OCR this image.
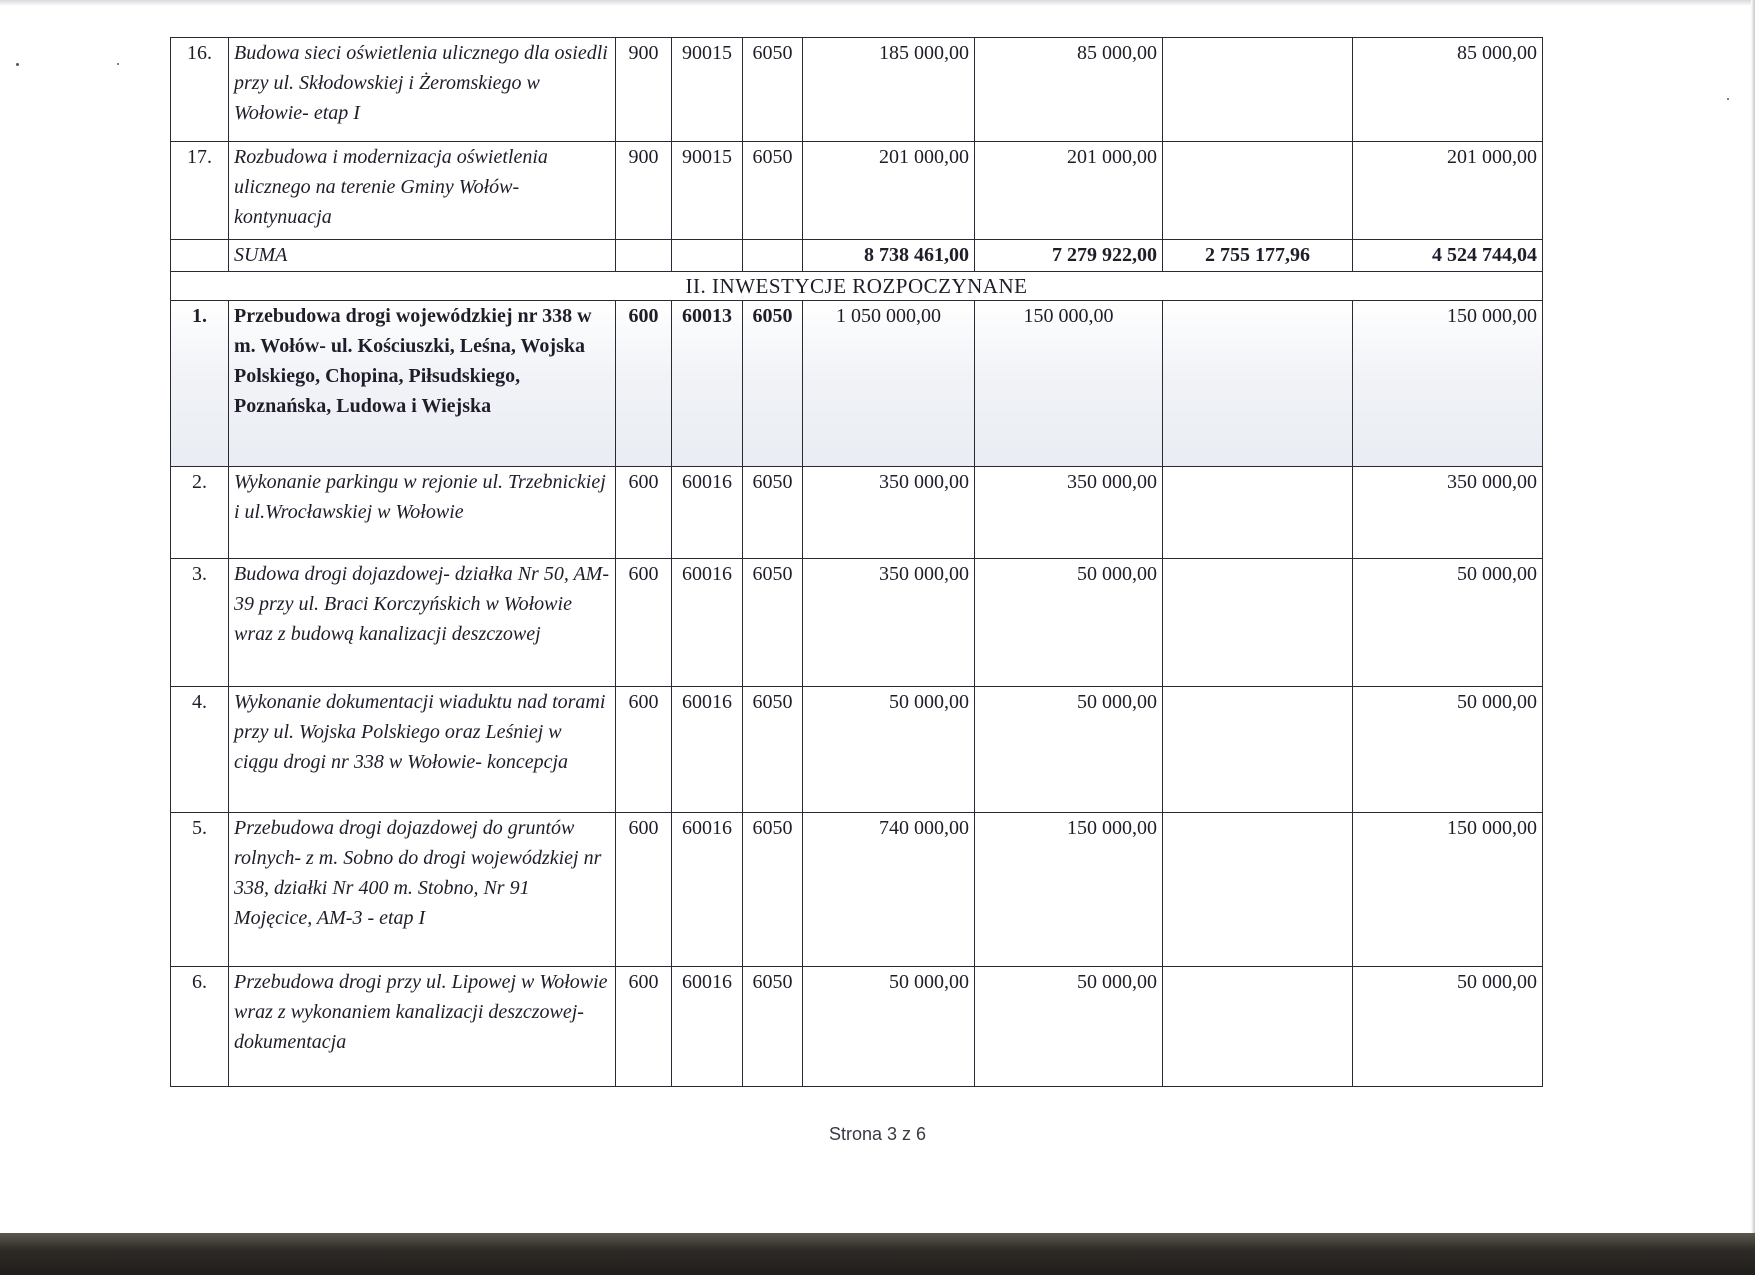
16.	Budowa sieci oświetlenia ulicznego dla osiedli przy ul. Skłodowskiej i Żeromskiego w Wołowie- etap I	900	90015	6050	185 000,00	85 000,00		85 000,00
17.	Rozbudowa i modernizacja oświetlenia ulicznego na terenie Gminy Wołów- kontynuacja	900	90015	6050	201 000,00	201 000,00		201 000,00
	SUMA				8 738 461,00	7 279 922,00	2 755 177,96	4 524 744,04
II. INWESTYCJE ROZPOCZYNANE								
1.	Przebudowa drogi wojewódzkiej nr 338 w m. Wołów- ul. Kościuszki, Leśna, Wojska Polskiego, Chopina, Piłsudskiego, Poznańska, Ludowa i Wiejska	600	60013	6050	1 050 000,00	150 000,00		150 000,00
2.	Wykonanie parkingu w rejonie ul. Trzebnickiej i ul.Wrocławskiej w Wołowie	600	60016	6050	350 000,00	350 000,00		350 000,00
3.	Budowa drogi dojazdowej- działka Nr 50, AM-39 przy ul. Braci Korczyńskich w Wołowie wraz z budową kanalizacji deszczowej	600	60016	6050	350 000,00	50 000,00		50 000,00
4.	Wykonanie dokumentacji wiaduktu nad torami przy ul. Wojska Polskiego oraz Leśniej w ciągu drogi nr 338 w Wołowie- koncepcja	600	60016	6050	50 000,00	50 000,00		50 000,00
5.	Przebudowa drogi dojazdowej do gruntów rolnych- z m. Sobno do drogi wojewódzkiej nr 338, działki Nr 400 m. Stobno, Nr 91 Mojęcice, AM-3 - etap I	600	60016	6050	740 000,00	150 000,00		150 000,00
6.	Przebudowa drogi przy ul. Lipowej w Wołowie wraz z wykonaniem kanalizacji deszczowej-dokumentacja	600	60016	6050	50 000,00	50 000,00		50 000,00
Strona 3 z 6
